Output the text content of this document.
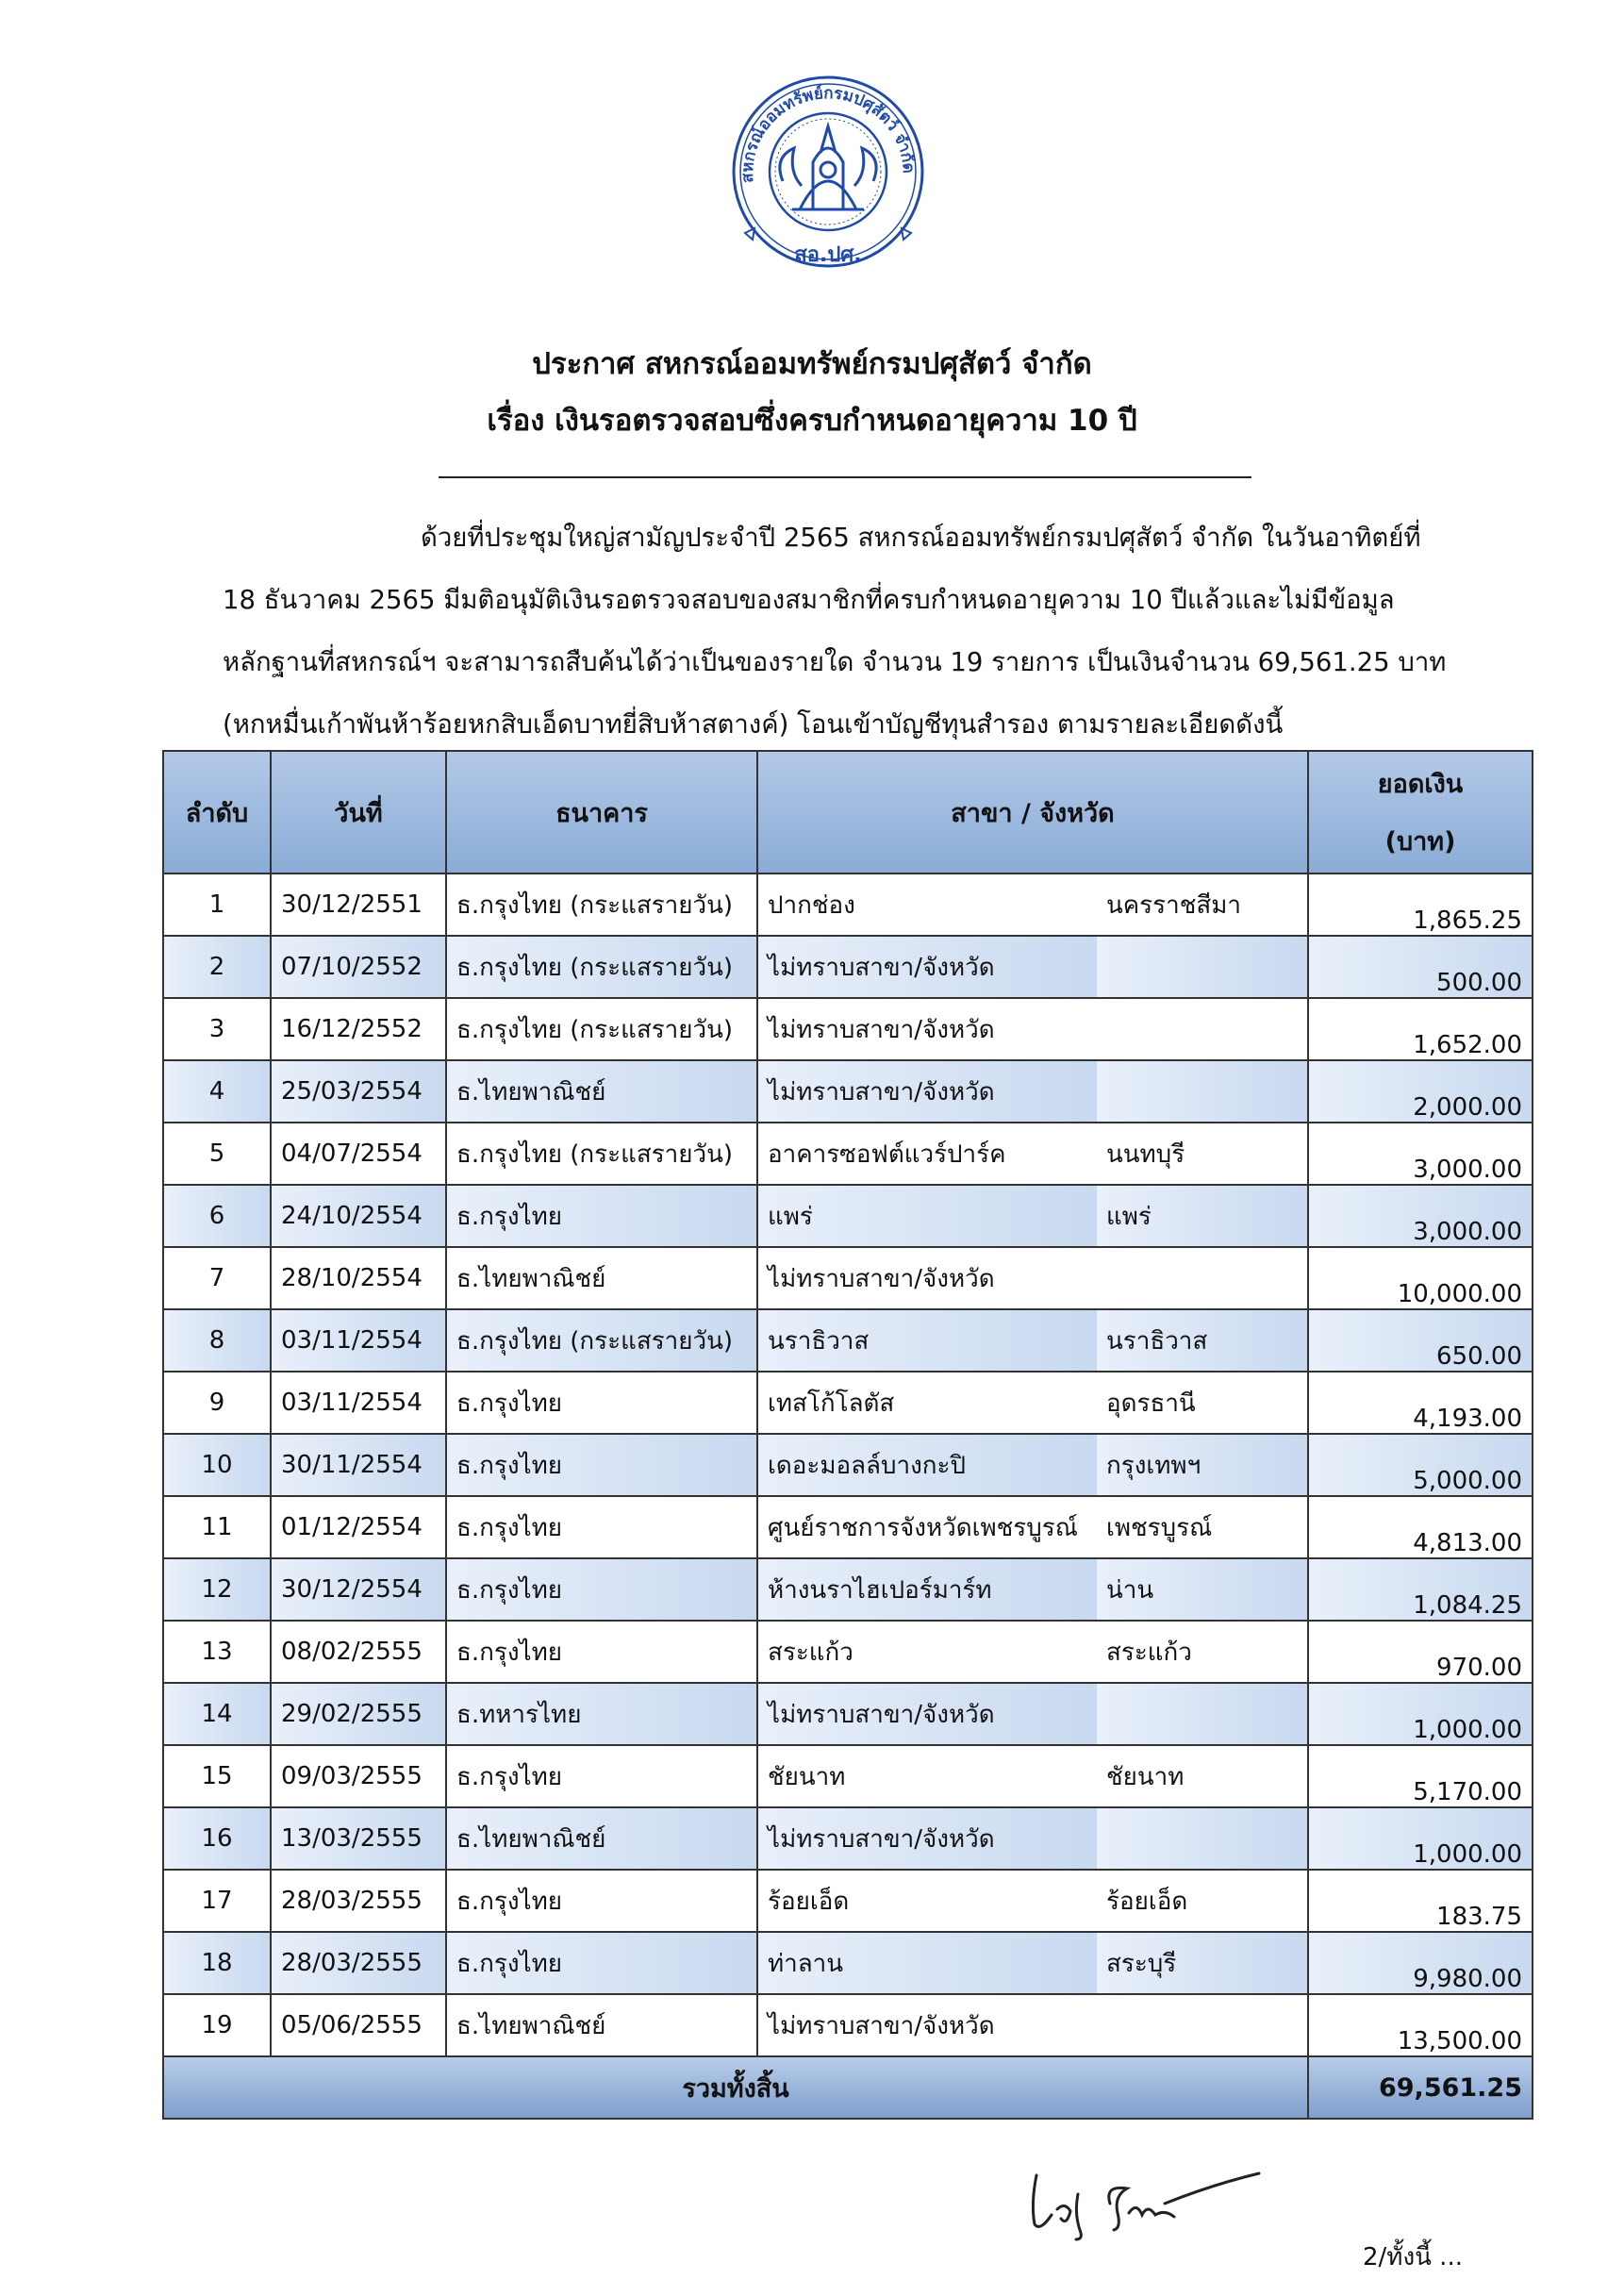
สหกรณ์ออมทรัพย์กรมปศุสัตว์ จำกัด
สอ.ปศ.
ประกาศ สหกรณ์ออมทรัพย์กรมปศุสัตว์ จำกัด
เรื่อง เงินรอตรวจสอบซึ่งครบกำหนดอายุความ 10 ปี
ด้วยที่ประชุมใหญ่สามัญประจำปี 2565 สหกรณ์ออมทรัพย์กรมปศุสัตว์ จำกัด ในวันอาทิตย์ที่
18 ธันวาคม 2565 มีมติอนุมัติเงินรอตรวจสอบของสมาชิกที่ครบกำหนดอายุความ 10 ปีแล้วและไม่มีข้อมูล
หลักฐานที่สหกรณ์ฯ จะสามารถสืบค้นได้ว่าเป็นของรายใด จำนวน 19 รายการ เป็นเงินจำนวน 69,561.25 บาท
(หกหมื่นเก้าพันห้าร้อยหกสิบเอ็ดบาทยี่สิบห้าสตางค์) โอนเข้าบัญชีทุนสำรอง ตามรายละเอียดดังนี้
ลำดับ	วันที่	ธนาคาร	สาขา / จังหวัด		ยอดเงิน
(บาท)

1	30/12/2551	ธ.กรุงไทย (กระแสรายวัน)	ปากช่อง	นครราชสีมา	1,865.25
2	07/10/2552	ธ.กรุงไทย (กระแสรายวัน)	ไม่ทราบสาขา/จังหวัด		500.00
3	16/12/2552	ธ.กรุงไทย (กระแสรายวัน)	ไม่ทราบสาขา/จังหวัด		1,652.00
4	25/03/2554	ธ.ไทยพาณิชย์	ไม่ทราบสาขา/จังหวัด		2,000.00
5	04/07/2554	ธ.กรุงไทย (กระแสรายวัน)	อาคารซอฟต์แวร์ปาร์ค	นนทบุรี	3,000.00
6	24/10/2554	ธ.กรุงไทย	แพร่	แพร่	3,000.00
7	28/10/2554	ธ.ไทยพาณิชย์	ไม่ทราบสาขา/จังหวัด		10,000.00
8	03/11/2554	ธ.กรุงไทย (กระแสรายวัน)	นราธิวาส	นราธิวาส	650.00
9	03/11/2554	ธ.กรุงไทย	เทสโก้โลตัส	อุดรธานี	4,193.00
10	30/11/2554	ธ.กรุงไทย	เดอะมอลล์บางกะปิ	กรุงเทพฯ	5,000.00
11	01/12/2554	ธ.กรุงไทย	ศูนย์ราชการจังหวัดเพชรบูรณ์	เพชรบูรณ์	4,813.00
12	30/12/2554	ธ.กรุงไทย	ห้างนราไฮเปอร์มาร์ท	น่าน	1,084.25
13	08/02/2555	ธ.กรุงไทย	สระแก้ว	สระแก้ว	970.00
14	29/02/2555	ธ.ทหารไทย	ไม่ทราบสาขา/จังหวัด		1,000.00
15	09/03/2555	ธ.กรุงไทย	ชัยนาท	ชัยนาท	5,170.00
16	13/03/2555	ธ.ไทยพาณิชย์	ไม่ทราบสาขา/จังหวัด		1,000.00
17	28/03/2555	ธ.กรุงไทย	ร้อยเอ็ด	ร้อยเอ็ด	183.75
18	28/03/2555	ธ.กรุงไทย	ท่าลาน	สระบุรี	9,980.00
19	05/06/2555	ธ.ไทยพาณิชย์	ไม่ทราบสาขา/จังหวัด		13,500.00
รวมทั้งสิ้น					69,561.25
2/ทั้งนี้ ...
